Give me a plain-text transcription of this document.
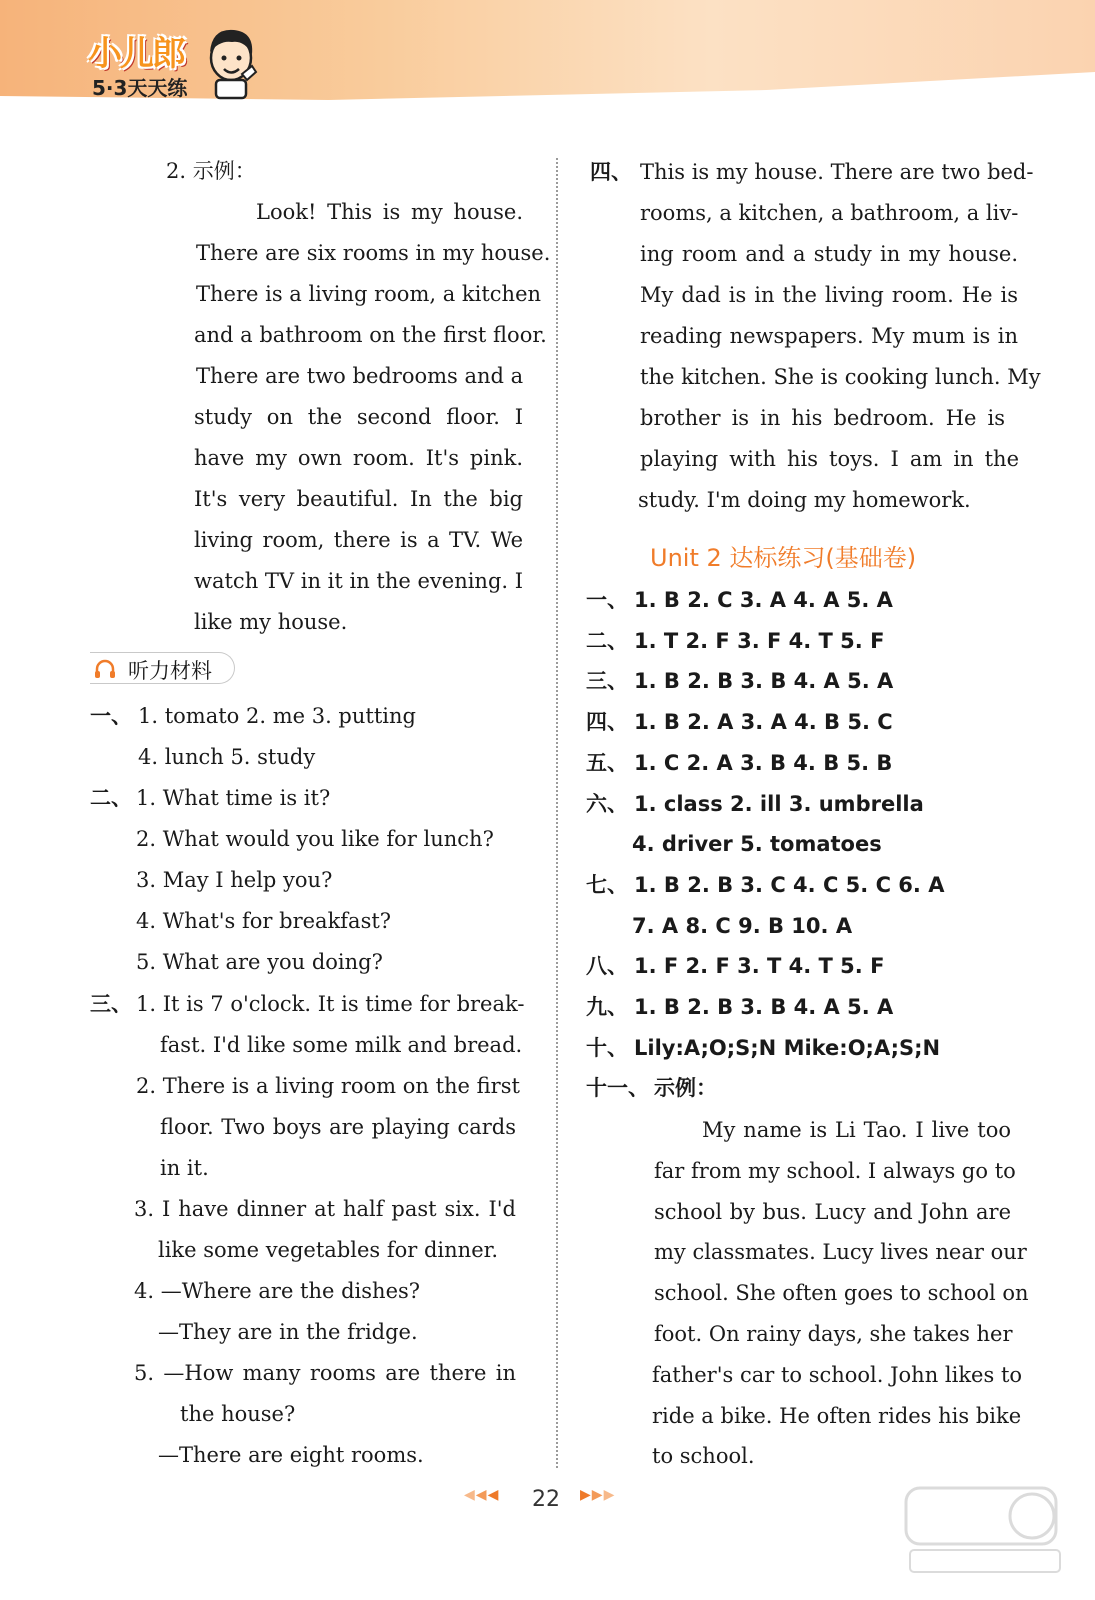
小儿郎
5·3天天练
2. 示例：
Look! This is my house.
There are six rooms in my house.
There is a living room, a kitchen
and a bathroom on the first floor.
There are two bedrooms and a
study on the second floor. I
have my own room. It's pink.
It's very beautiful. In the big
living room, there is a TV. We
watch TV in it in the evening. I
like my house.
听力材料
一、 1. tomato 2. me 3. putting
4. lunch 5. study
二、 1. What time is it?
2. What would you like for lunch?
3. May I help you?
4. What's for breakfast?
5. What are you doing?
三、 1. It is 7 o'clock. It is time for break-
fast. I'd like some milk and bread.
2. There is a living room on the first
floor. Two boys are playing cards
in it.
3. I have dinner at half past six. I'd
like some vegetables for dinner.
4. —Where are the dishes?
—They are in the fridge.
5. —How many rooms are there in
the house?
—There are eight rooms.
四、 This is my house. There are two bed-
rooms, a kitchen, a bathroom, a liv-
ing room and a study in my house.
My dad is in the living room. He is
reading newspapers. My mum is in
the kitchen. She is cooking lunch. My
brother is in his bedroom. He is
playing with his toys. I am in the
study. I'm doing my homework.
Unit 2 达标练习(基础卷)
一、 1. B 2. C 3. A 4. A 5. A
二、 1. T 2. F 3. F 4. T 5. F
三、 1. B 2. B 3. B 4. A 5. A
四、 1. B 2. A 3. A 4. B 5. C
五、 1. C 2. A 3. B 4. B 5. B
六、 1. class 2. ill 3. umbrella
4. driver 5. tomatoes
七、 1. B 2. B 3. C 4. C 5. C 6. A
7. A 8. C 9. B 10. A
八、 1. F 2. F 3. T 4. T 5. F
九、 1. B 2. B 3. B 4. A 5. A
十、 Lily:A;O;S;N Mike:O;A;S;N
十一、 示例：
My name is Li Tao. I live too
far from my school. I always go to
school by bus. Lucy and John are
my classmates. Lucy lives near our
school. She often goes to school on
foot. On rainy days, she takes her
father's car to school. John likes to
ride a bike. He often rides his bike
to school.
◀◀◀ 22 ▶▶▶
